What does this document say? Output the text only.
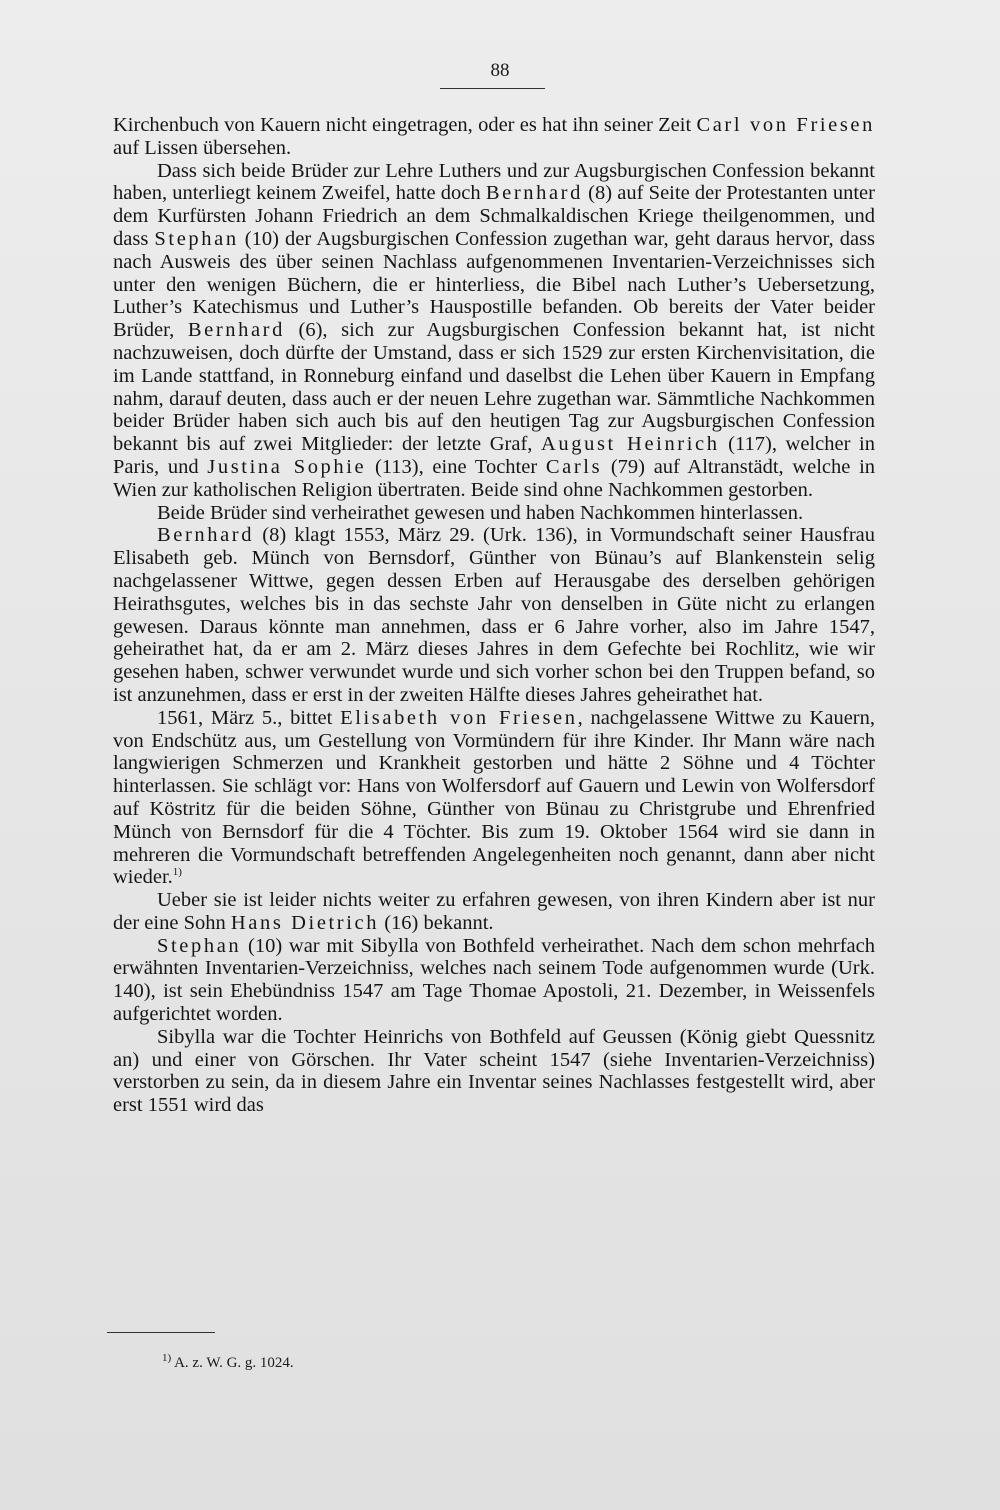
88

Kirchenbuch von Kauern nicht eingetragen, oder es hat ihn seiner Zeit Carl von Friesen auf Lissen übersehen.

Dass sich beide Brüder zur Lehre Luthers und zur Augsburgischen Confession bekannt haben, unterliegt keinem Zweifel, hatte doch Bernhard (8) auf Seite der Protestanten unter dem Kurfürsten Johann Friedrich an dem Schmalkaldischen Kriege theilgenommen, und dass Stephan (10) der Augsburgischen Confession zugethan war, geht daraus hervor, dass nach Ausweis des über seinen Nachlass aufgenommenen Inventarien-Verzeichnisses sich unter den wenigen Büchern, die er hinterliess, die Bibel nach Luther’s Uebersetzung, Luther’s Katechismus und Luther’s Hauspostille befanden. Ob bereits der Vater beider Brüder, Bernhard (6), sich zur Augsburgischen Confession bekannt hat, ist nicht nachzuweisen, doch dürfte der Umstand, dass er sich 1529 zur ersten Kirchenvisitation, die im Lande stattfand, in Ronneburg einfand und daselbst die Lehen über Kauern in Empfang nahm, darauf deuten, dass auch er der neuen Lehre zugethan war. Sämmtliche Nachkommen beider Brüder haben sich auch bis auf den heutigen Tag zur Augsburgischen Confession bekannt bis auf zwei Mitglieder: der letzte Graf, August Heinrich (117), welcher in Paris, und Justina Sophie (113), eine Tochter Carls (79) auf Altranstädt, welche in Wien zur katholischen Religion übertraten. Beide sind ohne Nachkommen gestorben.

Beide Brüder sind verheirathet gewesen und haben Nachkommen hinterlassen.

Bernhard (8) klagt 1553, März 29. (Urk. 136), in Vormundschaft seiner Hausfrau Elisabeth geb. Münch von Bernsdorf, Günther von Bünau’s auf Blankenstein selig nachgelassener Wittwe, gegen dessen Erben auf Herausgabe des derselben gehörigen Heirathsgutes, welches bis in das sechste Jahr von denselben in Güte nicht zu erlangen gewesen. Daraus könnte man annehmen, dass er 6 Jahre vorher, also im Jahre 1547, geheirathet hat, da er am 2. März dieses Jahres in dem Gefechte bei Rochlitz, wie wir gesehen haben, schwer verwundet wurde und sich vorher schon bei den Truppen befand, so ist anzunehmen, dass er erst in der zweiten Hälfte dieses Jahres geheirathet hat.

1561, März 5., bittet Elisabeth von Friesen, nachgelassene Wittwe zu Kauern, von Endschütz aus, um Gestellung von Vormündern für ihre Kinder. Ihr Mann wäre nach langwierigen Schmerzen und Krankheit gestorben und hätte 2 Söhne und 4 Töchter hinterlassen. Sie schlägt vor: Hans von Wolfersdorf auf Gauern und Lewin von Wolfersdorf auf Köstritz für die beiden Söhne, Günther von Bünau zu Christgrube und Ehrenfried Münch von Bernsdorf für die 4 Töchter. Bis zum 19. Oktober 1564 wird sie dann in mehreren die Vormundschaft betreffenden Angelegenheiten noch genannt, dann aber nicht wieder.$^{1)}$

Ueber sie ist leider nichts weiter zu erfahren gewesen, von ihren Kindern aber ist nur der eine Sohn Hans Dietrich (16) bekannt.

Stephan (10) war mit Sibylla von Bothfeld verheirathet. Nach dem schon mehrfach erwähnten Inventarien-Verzeichniss, welches nach seinem Tode aufgenommen wurde (Urk. 140), ist sein Ehebündniss 1547 am Tage Thomae Apostoli, 21. Dezember, in Weissenfels aufgerichtet worden.

Sibylla war die Tochter Heinrichs von Bothfeld auf Geussen (König giebt Quessnitz an) und einer von Görschen. Ihr Vater scheint 1547 (siehe Inventarien-Verzeichniss) verstorben zu sein, da in diesem Jahre ein Inventar seines Nachlasses festgestellt wird, aber erst 1551 wird das

$^{1)}$ A. z. W. G. g. 1024.
